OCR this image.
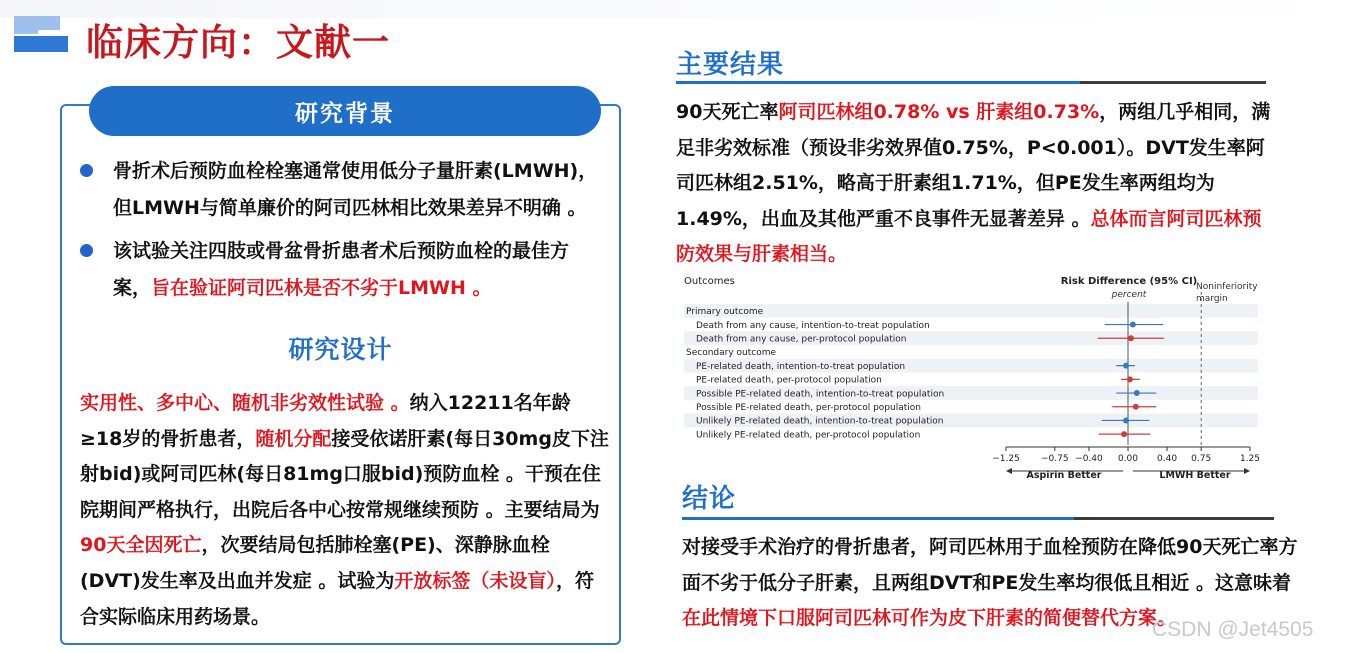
临床方向：文献一
研究背景
骨折术后预防血栓栓塞通常使用低分子量肝素(LMWH)，但LMWH与简单廉价的阿司匹林相比效果差异不明确 。
该试验关注四肢或骨盆骨折患者术后预防血栓的最佳方案，旨在验证阿司匹林是否不劣于LMWH 。
研究设计
实用性、多中心、随机非劣效性试验 。纳入12211名年龄≥18岁的骨折患者，随机分配接受依诺肝素(每日30mg皮下注射bid)或阿司匹林(每日81mg口服bid)预防血栓 。干预在住院期间严格执行，出院后各中心按常规继续预防 。主要结局为90天全因死亡，次要结局包括肺栓塞(PE)、深静脉血栓(DVT)发生率及出血并发症 。试验为开放标签（未设盲），符合实际临床用药场景。
主要结果
90天死亡率阿司匹林组0.78% vs 肝素组0.73%，两组几乎相同，满足非劣效标准（预设非劣效界值0.75%，P<0.001）。DVT发生率阿司匹林组2.51%，略高于肝素组1.71%，但PE发生率两组均为1.49%，出血及其他严重不良事件无显著差异 。总体而言阿司匹林预防效果与肝素相当。
Outcomes	Risk Difference (95% CI)
percent
Noninferiority
margin
Primary outcome
Death from any cause, intention-to-treat population
Death from any cause, per-protocol population
Secondary outcome
PE-related death, intention-to-treat population
PE-related death, per-protocol population
Possible PE-related death, intention-to-treat population
Possible PE-related death, per-protocol population
Unlikely PE-related death, intention-to-treat population
Unlikely PE-related death, per-protocol population
−1.25 −0.75 −0.40 0.00 0.40 0.75	1.25
Aspirin Better	LMWH Better
结论
对接受手术治疗的骨折患者，阿司匹林用于血栓预防在降低90天死亡率方面不劣于低分子肝素，且两组DVT和PE发生率均很低且相近 。这意味着在此情境下口服阿司匹林可作为皮下肝素的简便替代方案。
CSDN @Jet4505
